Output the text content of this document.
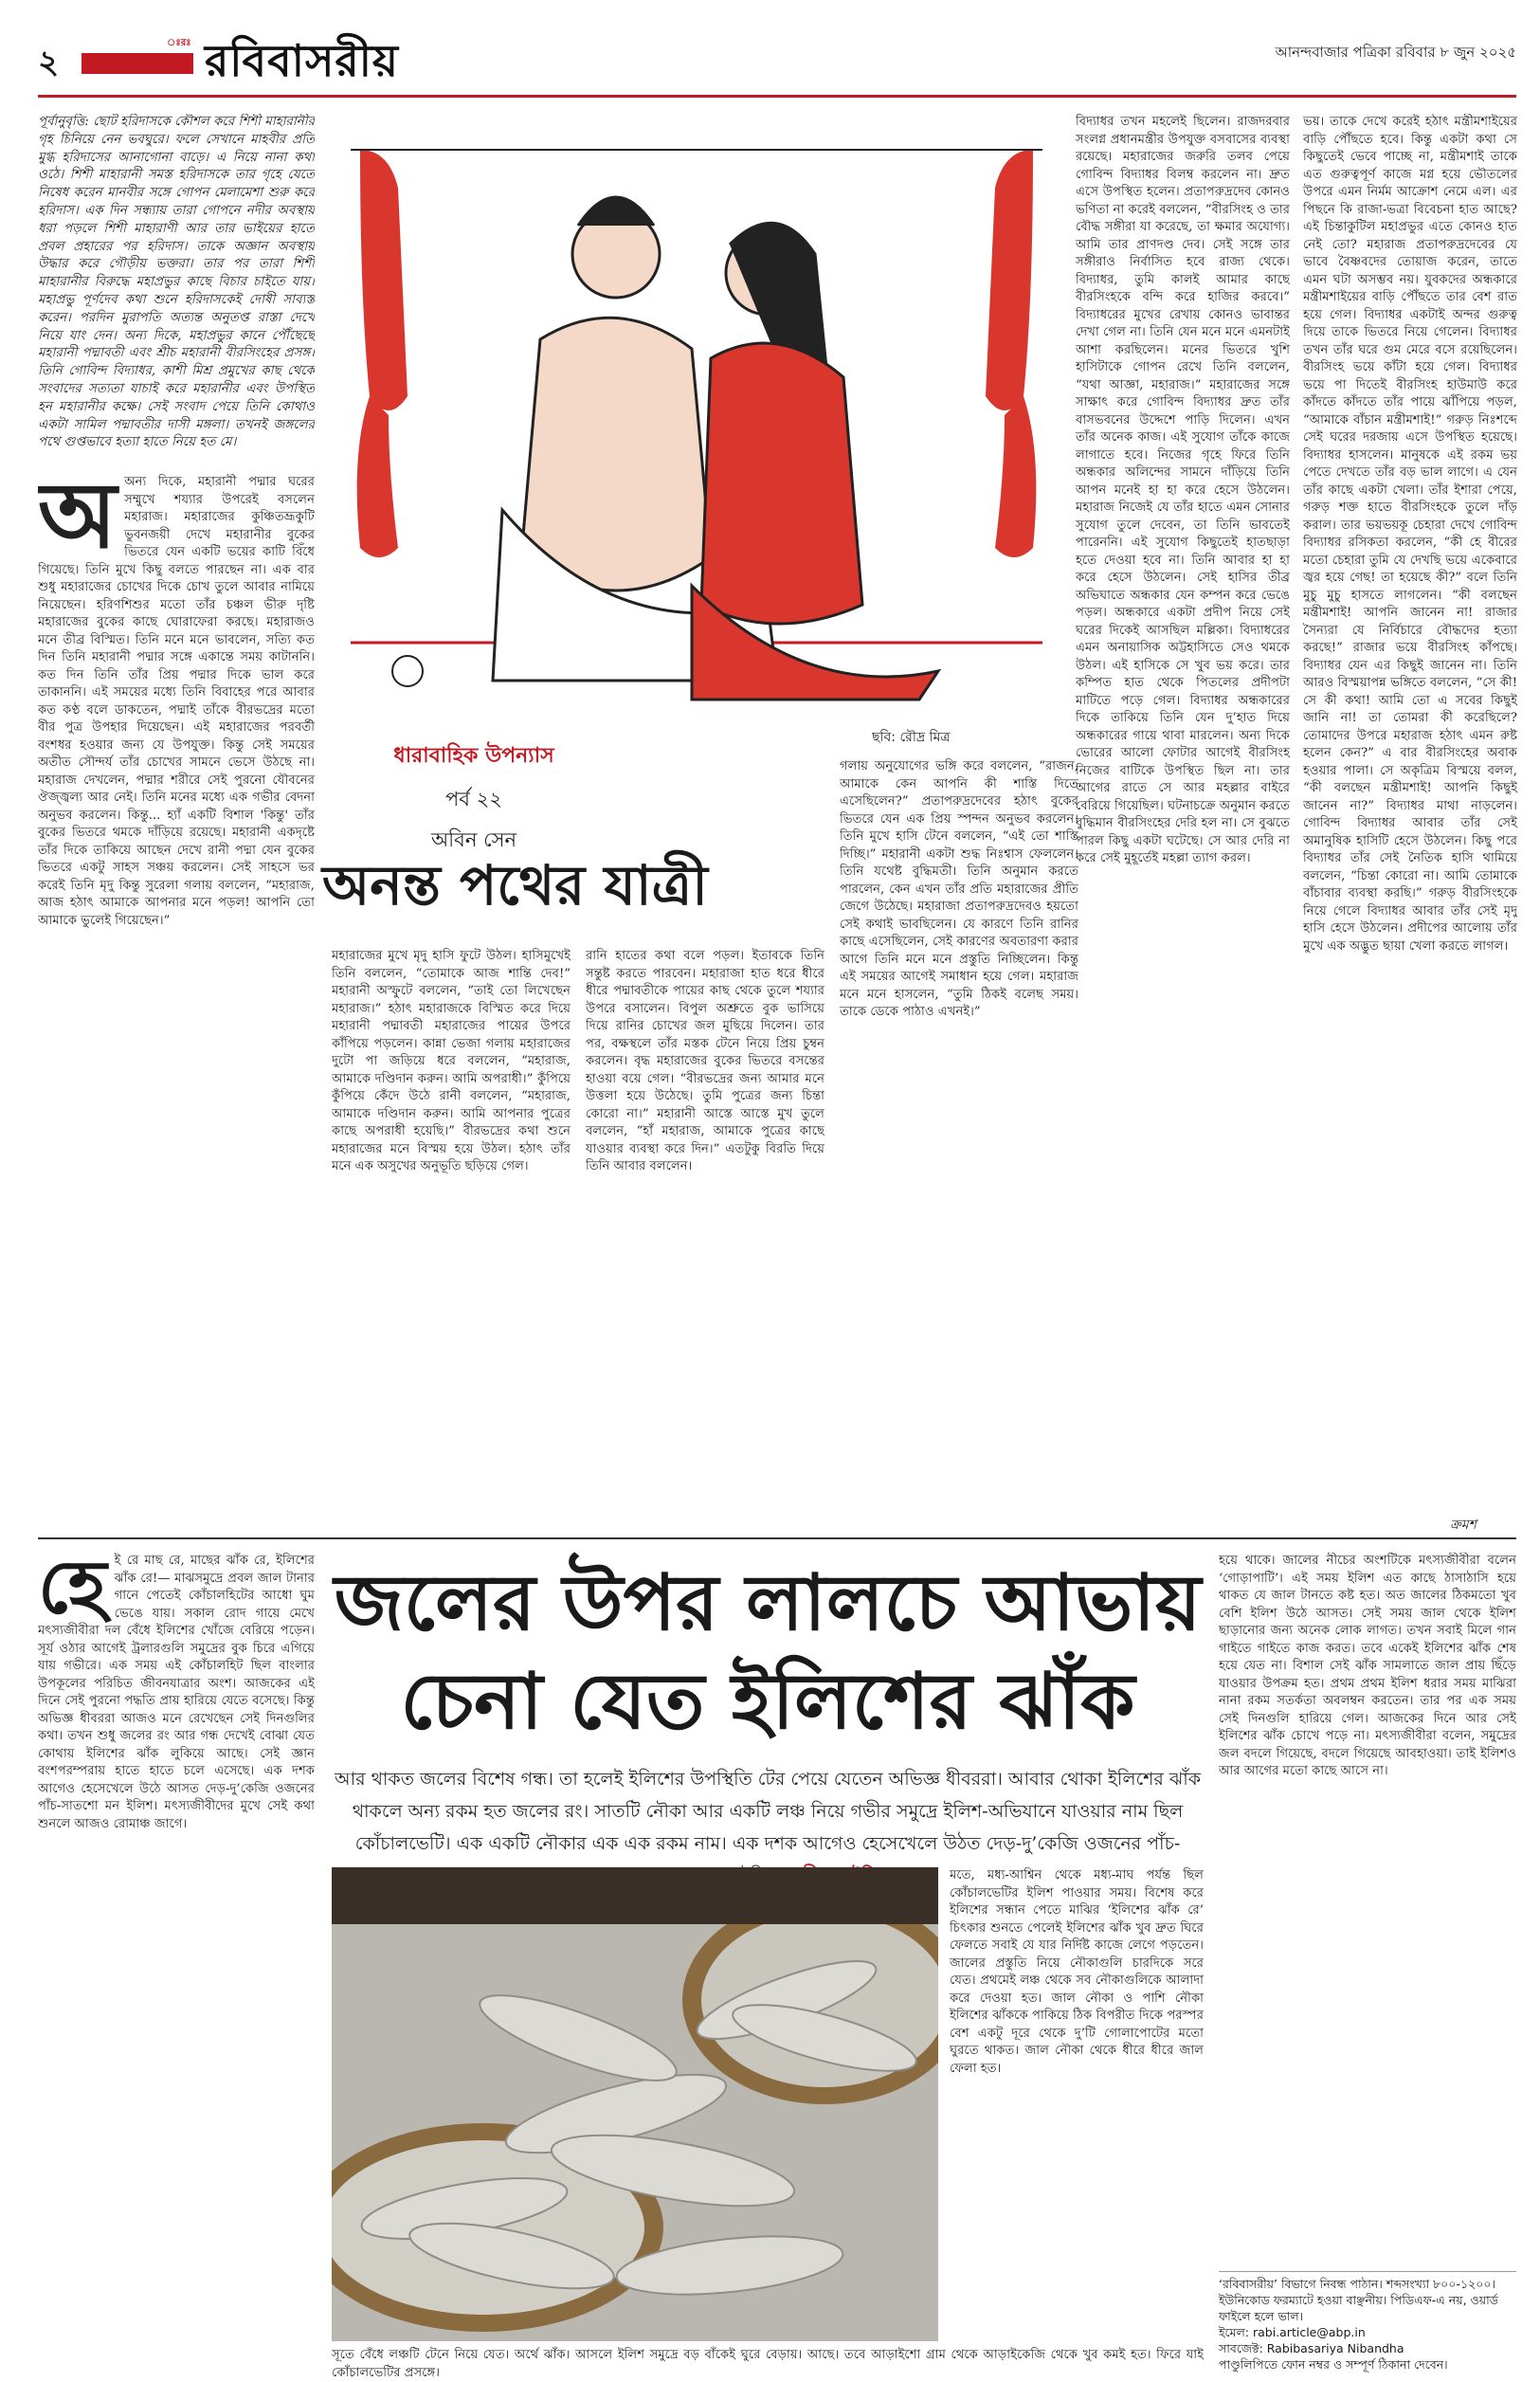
২
ঃরঃ রবিবাসরীয়	আনন্দবাজার পত্রিকা রবিবার ৮ জুন ২০২৫
পূর্বানুবৃত্তি: ছোট হরিদাসকে কৌশল করে শিশী মাহারানীর গৃহ চিনিয়ে নেন ভবঘুরে। ফলে সেখানে মাহবীর প্রতি মুগ্ধ হরিদাসের আনাগোনা বাড়ে। এ নিয়ে নানা কথা ওঠে। শিশী মাহারানী সমস্ত হরিদাসকে তার গৃহে যেতে নিষেধ করেন মানবীর সঙ্গে গোপন মেলামেশা শুরু করে হরিদাস। এক দিন সন্ধ্যায় তারা গোপনে নদীর অবস্থায় ধরা পড়লে শিশী মাহারাণী আর তার ভাইয়ের হাতে প্রবল প্রহারের পর হরিদাস। তাকে অজ্ঞান অবস্থায় উদ্ধার করে গৌড়ীয় ভক্তরা। তার পর তারা শিশী মাহারানীর বিরুদ্ধে মহাপ্রভুর কাছে বিচার চাইতে যায়। মহাপ্রভু পূর্ণদেব কথা শুনে হরিদাসকেই দোষী সাব্যস্ত করেন। পরদিন মুরাপতি অত্যন্ত অনুতপ্ত রাস্তা দেখে নিয়ে যাং দেন। অন্য দিকে, মহাপ্রভুর কানে পৌঁছেছে মহারানী পদ্মাবতী এবং শ্রীচ মহারানী বীরসিংহের প্রসঙ্গ। তিনি গোবিন্দ বিদ্যাধর, কাশী মিশ্র প্রমুখের কাছ থেকে সংবাদের সত্যতা যাচাই করে মহারানীর এবং উপস্থিত হন মহারানীর কক্ষে। সেই সংবাদ পেয়ে তিনি কোথাও একটা সামিল পদ্মাবতীর দাসী মঙ্গলা। তখনই জঙ্গলের পথে গুপ্তভাবে হত্যা হাতে নিয়ে হত মে।
অ অন্য দিকে, মহারানী পদ্মার ঘরের সম্মুখে শয্যার উপরেই বসলেন মহারাজ। মহারাজের কুঞ্চিতভ্রূকুটি ভুবনজয়ী দেখে মহারানীর বুকের ভিতরে যেন একটি ভয়ের কাটি বিঁধে গিয়েছে। তিনি মুখে কিছু বলতে পারছেন না। এক বার শুধু মহারাজের চোখের দিকে চোখ তুলে আবার নামিয়ে নিয়েছেন। হরিণশিশুর মতো তাঁর চঞ্চল ভীরু দৃষ্টি মহারাজের বুকের কাছে ঘোরাফেরা করছে। মহারাজও মনে তীব্র বিস্মিত। তিনি মনে মনে ভাবলেন, সত্যি কত দিন তিনি মহারানী পদ্মার সঙ্গে একান্তে সময় কাটাননি। কত দিন তিনি তাঁর প্রিয় পদ্মার দিকে ভাল করে তাকাননি। এই সময়ের মধ্যে তিনি বিবাহের পরে আবার কত কণ্ঠ বলে ডাকতেন, পদ্মাই তাঁকে বীরভদ্রের মতো বীর পুত্র উপহার দিয়েছেন। এই মহারাজের পরবর্তী বংশধর হওয়ার জন্য যে উপযুক্ত। কিন্তু সেই সময়ের অতীত সৌন্দর্য তাঁর চোখের সামনে ভেসে উঠছে না। মহারাজ দেখলেন, পদ্মার শরীরে সেই পুরনো যৌবনের ঔজ্জ্বল্য আর নেই। তিনি মনের মধ্যে এক গভীর বেদনা অনুভব করলেন। কিন্তু... হ্যাঁ একটি বিশাল 'কিন্তু' তাঁর বুকের ভিতরে থমকে দাঁড়িয়ে রয়েছে। মহারানী একদৃষ্টে তাঁর দিকে তাকিয়ে আছেন দেখে রানী পদ্মা যেন বুকের ভিতরে একটু সাহস সঞ্চয় করলেন। সেই সাহসে ভর করেই তিনি মৃদু কিন্তু সুরেলা গলায় বললেন, “মহারাজ, আজ হঠাৎ আমাকে আপনার মনে পড়ল! আপনি তো আমাকে ভুলেই গিয়েছেন।”
ছবি: রৌদ্র মিত্র
ধারাবাহিক উপন্যাস
পর্ব ২২
অবিন সেন
অনন্ত পথের যাত্রী
মহারাজের মুখে মৃদু হাসি ফুটে উঠল। হাসিমুখেই তিনি বললেন, “তোমাকে আজ শান্তি দেব!” মহারানী অস্ফুটে বললেন, “তাই তো লিখেছেন মহারাজ।” হঠাৎ মহারাজকে বিস্মিত করে দিয়ে মহারানী পদ্মাবতী মহারাজের পায়ের উপরে কাঁপিয়ে পড়লেন। কান্না ভেজা গলায় মহারাজের দুটো পা জড়িয়ে ধরে বললেন, “মহারাজ, আমাকে দণ্ডিদান করুন। আমি অপরাধী।” কুঁপিয়ে কুঁপিয়ে কেঁদে উঠে রানী বললেন, “মহারাজ, আমাকে দণ্ডিদান করুন। আমি আপনার পুত্রের কাছে অপরাধী হয়েছি।” বীরভদ্রের কথা শুনে মহারাজের মনে বিস্ময় হয়ে উঠল। হঠাৎ তাঁর মনে এক অসুখের অনুভূতি ছড়িয়ে গেল।
রানি হাতের কথা বলে পড়ল। ইতাবকে তিনি সন্তুষ্ট করতে পারবেন। মহারাজা হাত ধরে ধীরে ধীরে পদ্মাবতীকে পায়ের কাছ থেকে তুলে শয্যার উপরে বসালেন। বিপুল অশ্রুতে বুক ভাসিয়ে দিয়ে রানির চোখের জল মুছিয়ে দিলেন। তার পর, বক্ষস্থলে তাঁর মস্তক টেনে নিয়ে প্রিয় চুম্বন করলেন। বৃদ্ধ মহারাজের বুকের ভিতরে বসন্তের হাওয়া বয়ে গেল। “বীরভদ্রের জন্য আমার মনে উত্তলা হয়ে উঠেছে। তুমি পুত্রের জন্য চিন্তা কোরো না।” মহারানী আস্তে আস্তে মুখ তুলে বললেন, “হাঁ মহারাজ, আমাকে পুত্রের কাছে যাওয়ার ব্যবস্থা করে দিন।” এতটুকু বিরতি দিয়ে তিনি আবার বললেন।
গলায় অনুযোগের ভঙ্গি করে বললেন, “রাজন, আমাকে কেন আপনি কী শাস্তি দিতে এসেছিলেন?” প্রতাপরুদ্রদেবের হঠাৎ বুকের ভিতরে যেন এক প্রিয় স্পন্দন অনুভব করলেন। তিনি মুখে হাসি টেনে বললেন, “এই তো শাস্তি দিচ্ছি।” মহারানী একটা শুদ্ধ নিঃশ্বাস ফেললেন। তিনি যথেষ্ট বুদ্ধিমতী। তিনি অনুমান করতে পারলেন, কেন এখন তাঁর প্রতি মহারাজের প্রীতি জেগে উঠেছে। মহারাজা প্রতাপরুদ্রদেবও হয়তো সেই কথাই ভাবছিলেন। যে কারণে তিনি রানির কাছে এসেছিলেন, সেই কারণের অবতারণা করার আগে তিনি মনে মনে প্রস্তুতি নিচ্ছিলেন। কিন্তু এই সময়ের আগেই সমাধান হয়ে গেল। মহারাজ মনে মনে হাসলেন, “তুমি ঠিকই বলেছ সময়। তাকে ডেকে পাঠাও এখনই।”
বিদ্যাধর তখন মহলেই ছিলেন। রাজদরবার সংলগ্ন প্রধানমন্ত্রীর উপযুক্ত বসবাসের ব্যবস্থা রয়েছে। মহারাজের জরুরি তলব পেয়ে গোবিন্দ বিদ্যাধর বিলম্ব করলেন না। দ্রুত এসে উপস্থিত হলেন। প্রতাপরুদ্রদেব কোনও ভণিতা না করেই বললেন, “বীরসিংহ ও তার বৌদ্ধ সঙ্গীরা যা করেছে, তা ক্ষমার অযোগ্য। আমি তার প্রাণদণ্ড দেব। সেই সঙ্গে তার সঙ্গীরাও নির্বাসিত হবে রাজ্য থেকে। বিদ্যাধর, তুমি কালই আমার কাছে বীরসিংহকে বন্দি করে হাজির করবে।” বিদ্যাধরের মুখের রেখায় কোনও ভাবান্তর দেখা গেল না। তিনি যেন মনে মনে এমনটাই আশা করছিলেন। মনের ভিতরে খুশি হাসিটাকে গোপন রেখে তিনি বললেন, “যথা আজ্ঞা, মহারাজ।” মহারাজের সঙ্গে সাক্ষাৎ করে গোবিন্দ বিদ্যাধর দ্রুত তাঁর বাসভবনের উদ্দেশে পাড়ি দিলেন। এখন তাঁর অনেক কাজ। এই সুযোগ তাঁকে কাজে লাগাতে হবে। নিজের গৃহে ফিরে তিনি অন্ধকার অলিন্দের সামনে দাঁড়িয়ে তিনি আপন মনেই হা হা করে হেসে উঠলেন। মহারাজ নিজেই যে তাঁর হাতে এমন সোনার সুযোগ তুলে দেবেন, তা তিনি ভাবতেই পারেননি। এই সুযোগ কিছুতেই হাতছাড়া হতে দেওয়া হবে না। তিনি আবার হা হা করে হেসে উঠলেন। সেই হাসির তীব্র অভিঘাতে অন্ধকার যেন কম্পন করে ভেঙে পড়ল। অন্ধকারে একটা প্রদীপ নিয়ে সেই ঘরের দিকেই আসছিল মল্লিকা। বিদ্যাধরের এমন অনায়াসিক অট্টহাসিতে সেও থমকে উঠল। এই হাসিকে সে খুব ভয় করে। তার কম্পিত হাত থেকে পিতলের প্রদীপটা মাটিতে পড়ে গেল। বিদ্যাধর অন্ধকারের দিকে তাকিয়ে তিনি যেন দু’হাত দিয়ে অন্ধকারের গায়ে থাবা মারলেন। অন্য দিকে ভোরের আলো ফোটার আগেই বীরসিংহ নিজের বাটিকে উপস্থিত ছিল না। তার আগের রাতে সে আর মহল্লার বাইরে বেরিয়ে গিয়েছিল। ঘটনাচক্রে অনুমান করতে বুদ্ধিমান বীরসিংহের দেরি হল না। সে বুঝতে পারল কিছু একটা ঘটেছে। সে আর দেরি না করে সেই মুহূর্তেই মহল্লা ত্যাগ করল।
ভয়। তাকে দেখে করেই হঠাৎ মন্ত্রীমশাইয়ের বাড়ি পৌঁছতে হবে। কিন্তু একটা কথা সে কিছুতেই ভেবে পাচ্ছে না, মন্ত্রীমশাই তাকে এত গুরুত্বপূর্ণ কাজে মগ্ন হয়ে ভৌতলের উপরে এমন নির্মম আক্রোশ নেমে এল। এর পিছনে কি রাজা-ভত্রা বিবেচনা হাত আছে? এই চিন্তাকুটিল মহাপ্রভুর এতে কোনও হাত নেই তো? মহারাজ প্রতাপরুদ্রদেবের যে ভাবে বৈষ্ণবদের তোয়াজ করেন, তাতে এমন ঘটা অসম্ভব নয়। যুবকদের অন্ধকারে মন্ত্রীমশাইয়ের বাড়ি পৌঁছতে তার বেশ রাত হয়ে গেল। বিদ্যাধর একটাই অন্দর গুরুত্ব দিয়ে তাকে ভিতরে নিয়ে গেলেন। বিদ্যাধর তখন তাঁর ঘরে গুম মেরে বসে রয়েছিলেন। বীরসিংহ ভয়ে কাঁটা হয়ে গেল। বিদ্যাধর ভয়ে পা দিতেই বীরসিংহ হাউমাউ করে কাঁদতে কাঁদতে তাঁর পায়ে ঝাঁপিয়ে পড়ল, “আমাকে বাঁচান মন্ত্রীমশাই!” গরুড় নিঃশব্দে সেই ঘরের দরজায় এসে উপস্থিত হয়েছে। বিদ্যাধর হাসলেন। মানুষকে এই রকম ভয় পেতে দেখতে তাঁর বড় ভাল লাগে। এ যেন তাঁর কাছে একটা খেলা। তাঁর ইশারা পেয়ে, গরুড় শক্ত হাতে বীরসিংহকে তুলে দাঁড় করাল। তার ভয়ভয়কূ চেহারা দেখে গোবিন্দ বিদ্যাধর রসিকতা করলেন, “কী হে বীরের মতো চেহারা তুমি যে দেখছি ভয়ে একেবারে জ্বর হয়ে গেছ! তা হয়েছে কী?” বলে তিনি মুচু মুচু হাসতে লাগলেন। “কী বলছেন মন্ত্রীমশাই! আপনি জানেন না! রাজার সৈন্যরা যে নির্বিচারে বৌদ্ধদের হত্যা করছে!” রাজার ভয়ে বীরসিংহ কাঁপছে। বিদ্যাধর যেন এর কিছুই জানেন না। তিনি আরও বিস্ময়াপন্ন ভঙ্গিতে বললেন, “সে কী! সে কী কথা! আমি তো এ সবের কিছুই জানি না! তা তোমরা কী করেছিলে? তোমাদের উপরে মহারাজ হঠাৎ এমন রুষ্ট হলেন কেন?” এ বার বীরসিংহের অবাক হওয়ার পালা। সে অকৃত্রিম বিস্ময়ে বলল, “কী বলছেন মন্ত্রীমশাই! আপনি কিছুই জানেন না?” বিদ্যাধর মাথা নাড়লেন। গোবিন্দ বিদ্যাধর আবার তাঁর সেই অমানুষিক হাসিটি হেসে উঠলেন। কিছু পরে বিদ্যাধর তাঁর সেই নৈতিক হাসি থামিয়ে বললেন, “চিন্তা কোরো না। আমি তোমাকে বাঁচাবার ব্যবস্থা করছি।” গরুড় বীরসিংহকে নিয়ে গেলে বিদ্যাধর আবার তাঁর সেই মৃদু হাসি হেসে উঠলেন। প্রদীপের আলোয় তাঁর মুখে এক অদ্ভুত ছায়া খেলা করতে লাগল।
ক্রমশ
হে ই রে মাছ রে, মাছের ঝাঁক রে, ইলিশের ঝাঁক রে!— মাঝসমুদ্রে প্রবল জাল টানার গানে পেতেই কোঁচালহিটের আধো ঘুম ভেঙে যায়। সকাল রোদ গায়ে মেখে মৎস্যজীবীরা দল বেঁধে ইলিশের খোঁজে বেরিয়ে পড়েন। সূর্য ওঠার আগেই ট্রলারগুলি সমুদ্রের বুক চিরে এগিয়ে যায় গভীরে। এক সময় এই কোঁচালহিট ছিল বাংলার উপকূলের পরিচিত জীবনযাত্রার অংশ। আজকের এই দিনে সেই পুরনো পদ্ধতি প্রায় হারিয়ে যেতে বসেছে। কিন্তু অভিজ্ঞ ধীবররা আজও মনে রেখেছেন সেই দিনগুলির কথা। তখন শুধু জলের রং আর গন্ধ দেখেই বোঝা যেত কোথায় ইলিশের ঝাঁক লুকিয়ে আছে। সেই জ্ঞান বংশপরম্পরায় হাতে হাতে চলে এসেছে। এক দশক আগেও হেসেখেলে উঠে আসত দেড়-দু’কেজি ওজনের পাঁচ-সাতশো মন ইলিশ। মৎস্যজীবীদের মুখে সেই কথা শুনলে আজও রোমাঞ্চ জাগে।
জলের উপর লালচে আভায়
চেনা যেত ইলিশের ঝাঁক
আর থাকত জলের বিশেষ গন্ধ। তা হলেই ইলিশের উপস্থিতি টের পেয়ে যেতেন অভিজ্ঞ ধীবররা। আবার থোকা ইলিশের ঝাঁক থাকলে অন্য রকম হত জলের রং। সাতটি নৌকা আর একটি লঞ্চ নিয়ে গভীর সমুদ্রে ইলিশ-অভিযানে যাওয়ার নাম ছিল কোঁচালভেটি। এক একটি নৌকার এক এক রকম নাম। এক দশক আগেও হেসেখেলে উঠত দেড়-দু’কেজি ওজনের পাঁচ-
মতে, মধ্য-আশ্বিন থেকে মধ্য-মাঘ পর্যন্ত ছিল কোঁচালভেটির ইলিশ পাওয়ার সময়। বিশেষ করে ইলিশের সন্ধান পেতে মাঝির ‘ইলিশের ঝাঁক রে’ চিৎকার শুনতে পেলেই ইলিশের ঝাঁক খুব দ্রুত ঘিরে ফেলতে সবাই যে যার নির্দিষ্ট কাজে লেগে পড়তেন। জালের প্রস্তুতি নিয়ে নৌকাগুলি চারদিকে সরে যেত। প্রথমেই লঞ্চ থেকে সব নৌকাগুলিকে আলাদা করে দেওয়া হত। জাল নৌকা ও পাশি নৌকা ইলিশের ঝাঁককে পাকিয়ে ঠিক বিপরীত দিকে পরস্পর বেশ একটু দূরে থেকে দু’টি গোলাপোটের মতো ঘুরতে থাকত। জাল নৌকা থেকে ধীরে ধীরে জাল ফেলা হত।
হয়ে থাকে। জালের নীচের অংশটিকে মৎস্যজীবীরা বলেন ‘গোড়াপাটি’। এই সময় ইলিশ এত কাছে ঠাসাঠাসি হয়ে থাকত যে জাল টানতে কষ্ট হত। অত জালের ঠিকমতো খুব বেশি ইলিশ উঠে আসত। সেই সময় জাল থেকে ইলিশ ছাড়ানোর জন্য অনেক লোক লাগত। তখন সবাই মিলে গান গাইতে গাইতে কাজ করত। তবে একেই ইলিশের ঝাঁক শেষ হয়ে যেত না। বিশাল সেই ঝাঁক সামলাতে জাল প্রায় ছিঁড়ে যাওয়ার উপক্রম হত। প্রথম প্রথম ইলিশ ধরার সময় মাঝিরা নানা রকম সতর্কতা অবলম্বন করতেন। তার পর এক সময় সেই দিনগুলি হারিয়ে গেল। আজকের দিনে আর সেই ইলিশের ঝাঁক চোখে পড়ে না। মৎস্যজীবীরা বলেন, সমুদ্রের জল বদলে গিয়েছে, বদলে গিয়েছে আবহাওয়া। তাই ইলিশও আর আগের মতো কাছে আসে না।
সূতে বেঁধে লঞ্চটি টেনে নিয়ে যেত। অর্থে ঝাঁক। আসলে ইলিশ সমুদ্রে বড় বাঁকেই ঘুরে বেড়ায়। আছে। তবে আড়াইশো গ্রাম থেকে আড়াইকেজি থেকে খুব কমই হত। ফিরে যাই কোঁচালভেটির প্রসঙ্গে।
‘রবিবাসরীয়’ বিভাগে নিবন্ধ পাঠান। শব্দসংখ্যা ৮০০-১২০০। ইউনিকোড ফরম্যাটে হওয়া বাঞ্ছনীয়। পিডিএফ-এ নয়, ওয়ার্ড ফাইলে হলে ভাল।
ইমেল: rabi.article@abp.in
সাবজেক্ট: Rabibasariya Nibandha
পাণ্ডুলিপিতে ফোন নম্বর ও সম্পূর্ণ ঠিকানা দেবেন।
